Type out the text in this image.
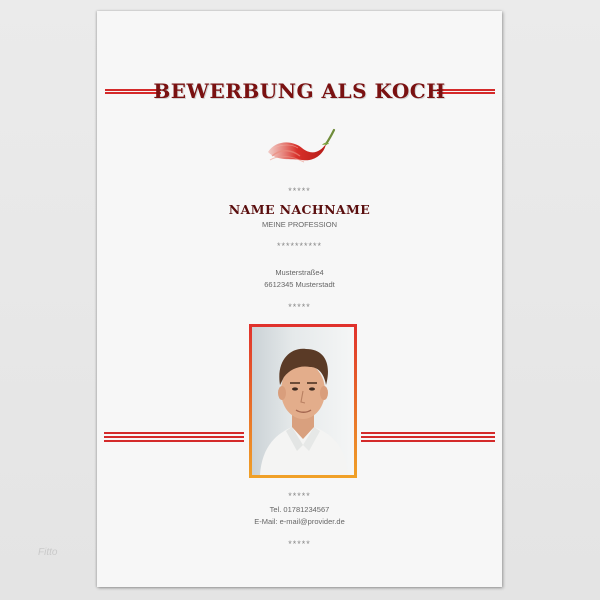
BEWERBUNG ALS KOCH
*****
NAME NACHNAME
MEINE PROFESSION
**********
Musterstraße4
6612345 Musterstadt
*****
*****
Tel. 01781234567
E-Mail: e-mail@provider.de
*****
Fitto
